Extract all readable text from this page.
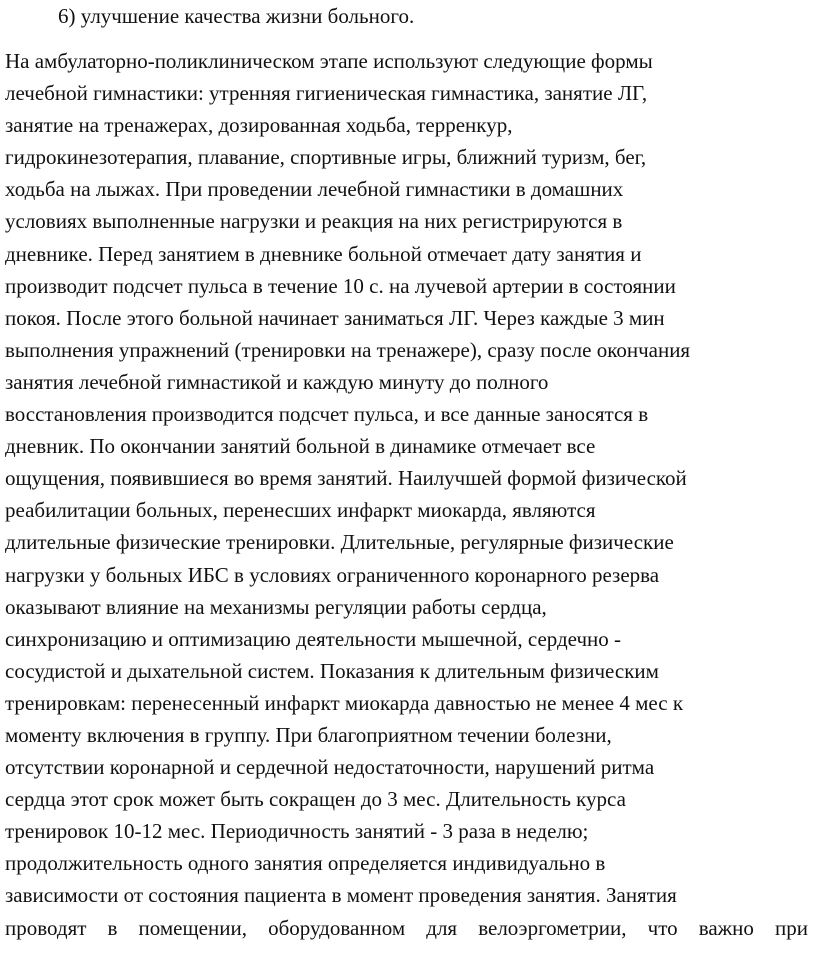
6) улучшение качества жизни больного.
На амбулаторно-поликлиническом этапе используют следующие формы
лечебной гимнастики: утренняя гигиеническая гимнастика, занятие ЛГ,
занятие на тренажерах, дозированная ходьба, терренкур,
гидрокинезотерапия, плавание, спортивные игры, ближний туризм, бег,
ходьба на лыжах. При проведении лечебной гимнастики в домашних
условиях выполненные нагрузки и реакция на них регистрируются в
дневнике. Перед занятием в дневнике больной отмечает дату занятия и
производит подсчет пульса в течение 10 с. на лучевой артерии в состоянии
покоя. После этого больной начинает заниматься ЛГ. Через каждые 3 мин
выполнения упражнений (тренировки на тренажере), сразу после окончания
занятия лечебной гимнастикой и каждую минуту до полного
восстановления производится подсчет пульса, и все данные заносятся в
дневник. По окончании занятий больной в динамике отмечает все
ощущения, появившиеся во время занятий. Наилучшей формой физической
реабилитации больных, перенесших инфаркт миокарда, являются
длительные физические тренировки. Длительные, регулярные физические
нагрузки у больных ИБС в условиях ограниченного коронарного резерва
оказывают влияние на механизмы регуляции работы сердца,
синхронизацию и оптимизацию деятельности мышечной, сердечно -
сосудистой и дыхательной систем. Показания к длительным физическим
тренировкам: перенесенный инфаркт миокарда давностью не менее 4 мес к
моменту включения в группу. При благоприятном течении болезни,
отсутствии коронарной и сердечной недостаточности, нарушений ритма
сердца этот срок может быть сокращен до 3 мес. Длительность курса
тренировок 10-12 мес. Периодичность занятий - 3 раза в неделю;
продолжительность одного занятия определяется индивидуально в
зависимости от состояния пациента в момент проведения занятия. Занятия
проводят в помещении, оборудованном для велоэргометрии, что важно при
